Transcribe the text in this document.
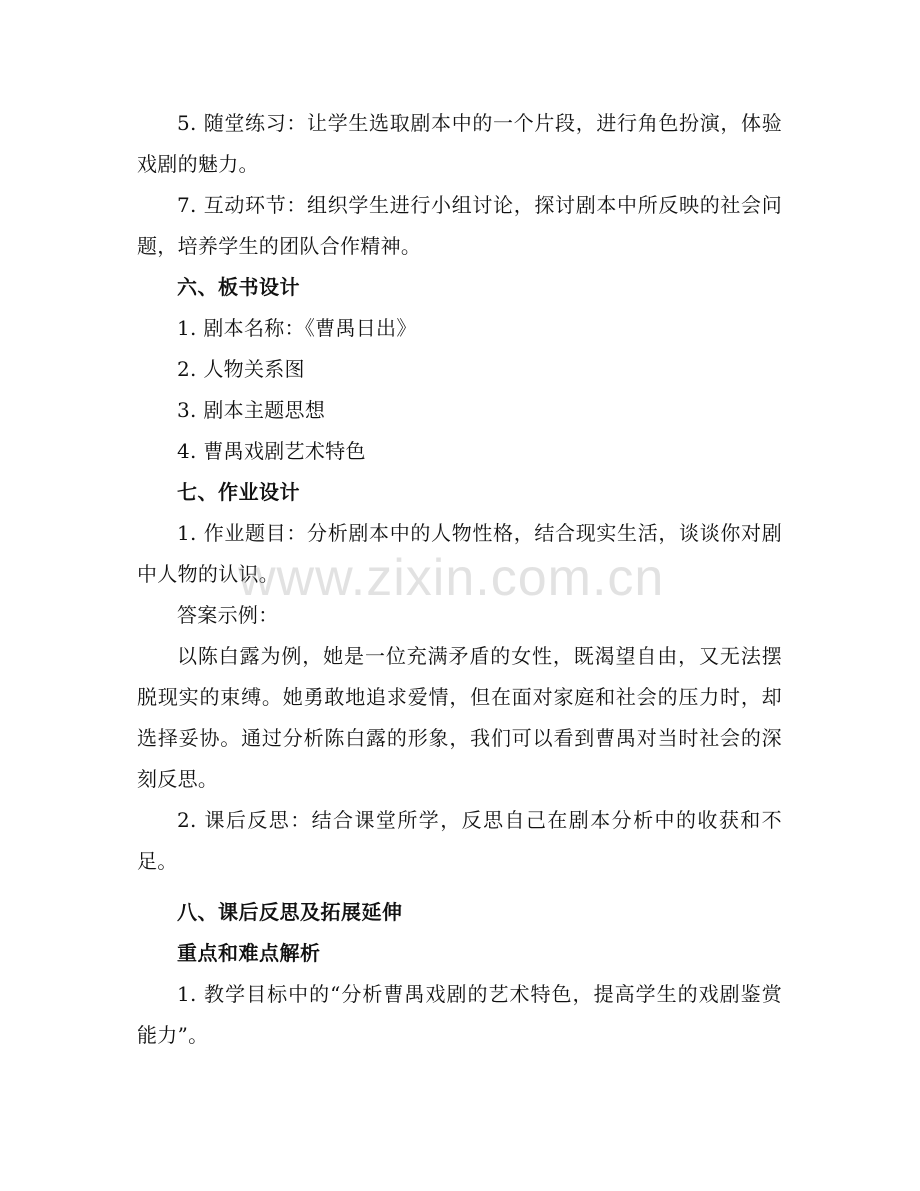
5. 随堂练习：让学生选取剧本中的一个片段，进行角色扮演，体验戏剧的魅力。

7. 互动环节：组织学生进行小组讨论，探讨剧本中所反映的社会问题，培养学生的团队合作精神。

六、板书设计

1. 剧本名称：《曹禺日出》

2. 人物关系图

3. 剧本主题思想

4. 曹禺戏剧艺术特色

七、作业设计

1. 作业题目：分析剧本中的人物性格，结合现实生活，谈谈你对剧中人物的认识。

答案示例：

以陈白露为例，她是一位充满矛盾的女性，既渴望自由，又无法摆脱现实的束缚。她勇敢地追求爱情，但在面对家庭和社会的压力时，却选择妥协。通过分析陈白露的形象，我们可以看到曹禺对当时社会的深刻反思。

2. 课后反思：结合课堂所学，反思自己在剧本分析中的收获和不足。

八、课后反思及拓展延伸

重点和难点解析

1. 教学目标中的“分析曹禺戏剧的艺术特色，提高学生的戏剧鉴赏能力”。

www.zixin.com.cn
